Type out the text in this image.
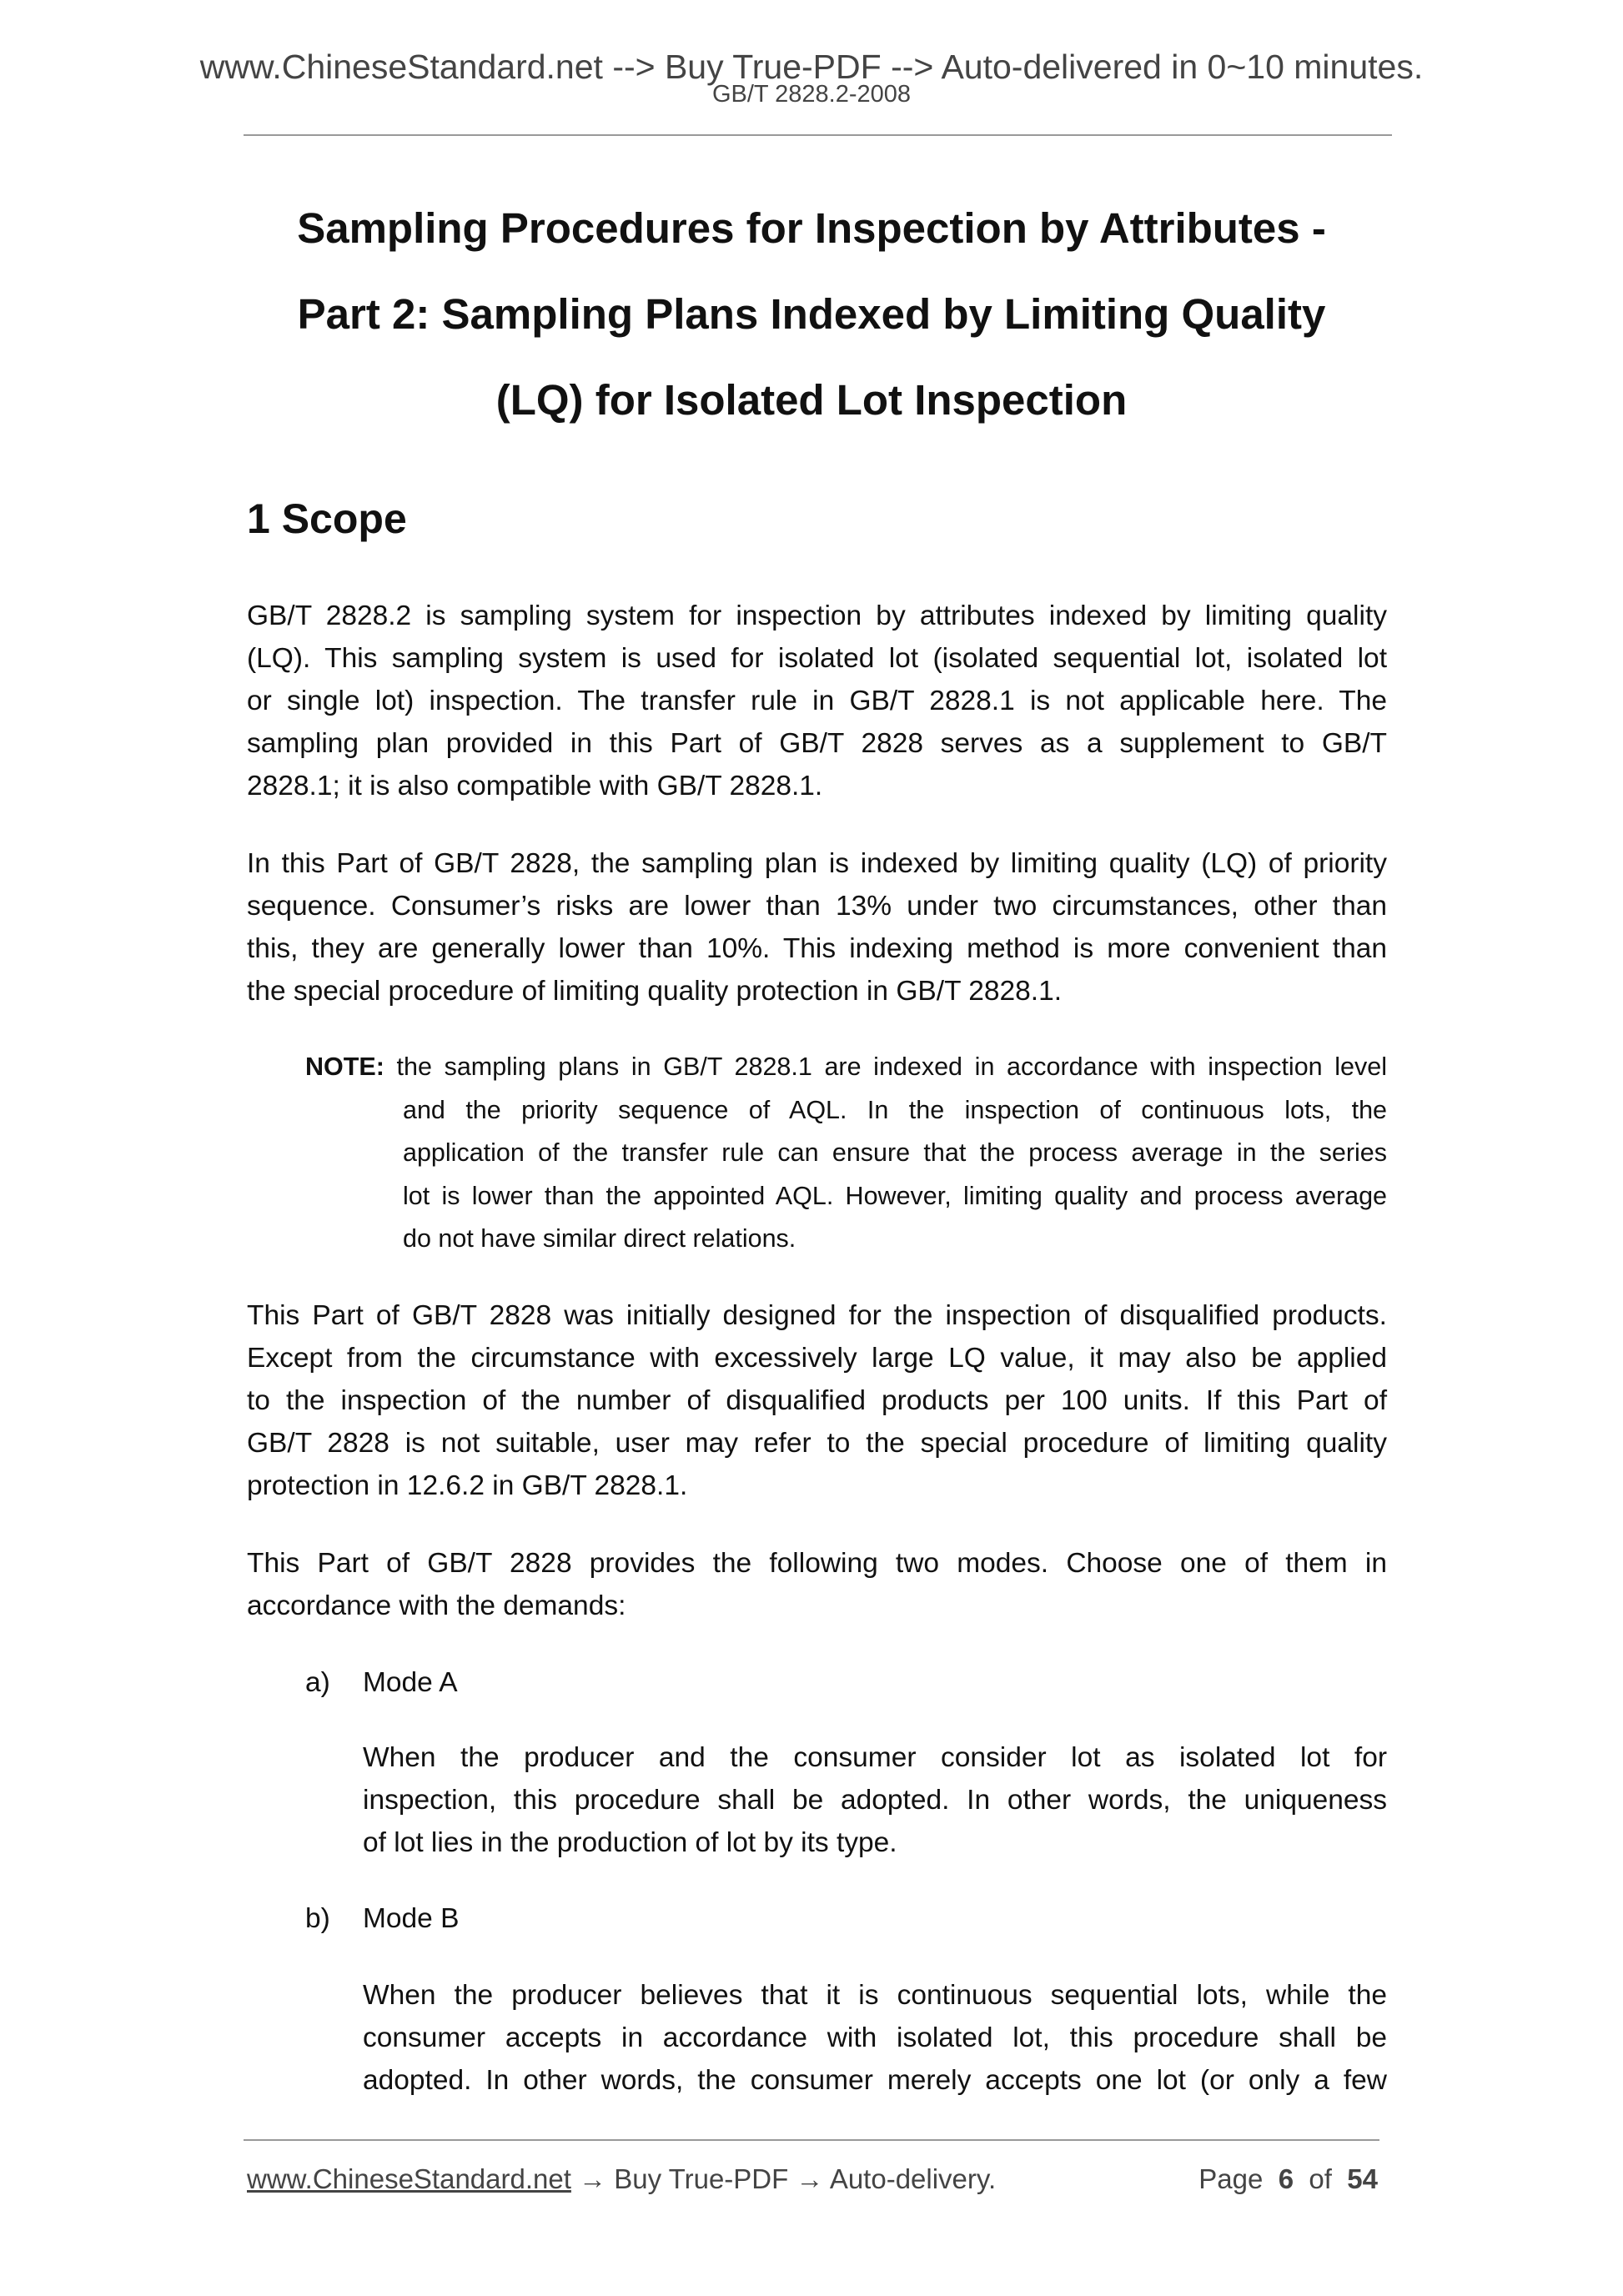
www.ChineseStandard.net --> Buy True-PDF --> Auto-delivered in 0~10 minutes.
GB/T 2828.2-2008
Sampling Procedures for Inspection by Attributes -
Part 2: Sampling Plans Indexed by Limiting Quality
(LQ) for Isolated Lot Inspection
1 Scope
GB/T 2828.2 is sampling system for inspection by attributes indexed by limiting quality
(LQ). This sampling system is used for isolated lot (isolated sequential lot, isolated lot
or single lot) inspection. The transfer rule in GB/T 2828.1 is not applicable here. The
sampling plan provided in this Part of GB/T 2828 serves as a supplement to GB/T
2828.1; it is also compatible with GB/T 2828.1.
In this Part of GB/T 2828, the sampling plan is indexed by limiting quality (LQ) of priority
sequence. Consumer’s risks are lower than 13% under two circumstances, other than
this, they are generally lower than 10%. This indexing method is more convenient than
the special procedure of limiting quality protection in GB/T 2828.1.
NOTE: the sampling plans in GB/T 2828.1 are indexed in accordance with inspection level
and the priority sequence of AQL. In the inspection of continuous lots, the
application of the transfer rule can ensure that the process average in the series
lot is lower than the appointed AQL. However, limiting quality and process average
do not have similar direct relations.
This Part of GB/T 2828 was initially designed for the inspection of disqualified products.
Except from the circumstance with excessively large LQ value, it may also be applied
to the inspection of the number of disqualified products per 100 units. If this Part of
GB/T 2828 is not suitable, user may refer to the special procedure of limiting quality
protection in 12.6.2 in GB/T 2828.1.
This Part of GB/T 2828 provides the following two modes. Choose one of them in
accordance with the demands:
a) Mode A
When the producer and the consumer consider lot as isolated lot for
inspection, this procedure shall be adopted. In other words, the uniqueness
of lot lies in the production of lot by its type.
b) Mode B
When the producer believes that it is continuous sequential lots, while the
consumer accepts in accordance with isolated lot, this procedure shall be
adopted. In other words, the consumer merely accepts one lot (or only a few
www.ChineseStandard.net → Buy True-PDF → Auto-delivery.	Page 6 of 54
